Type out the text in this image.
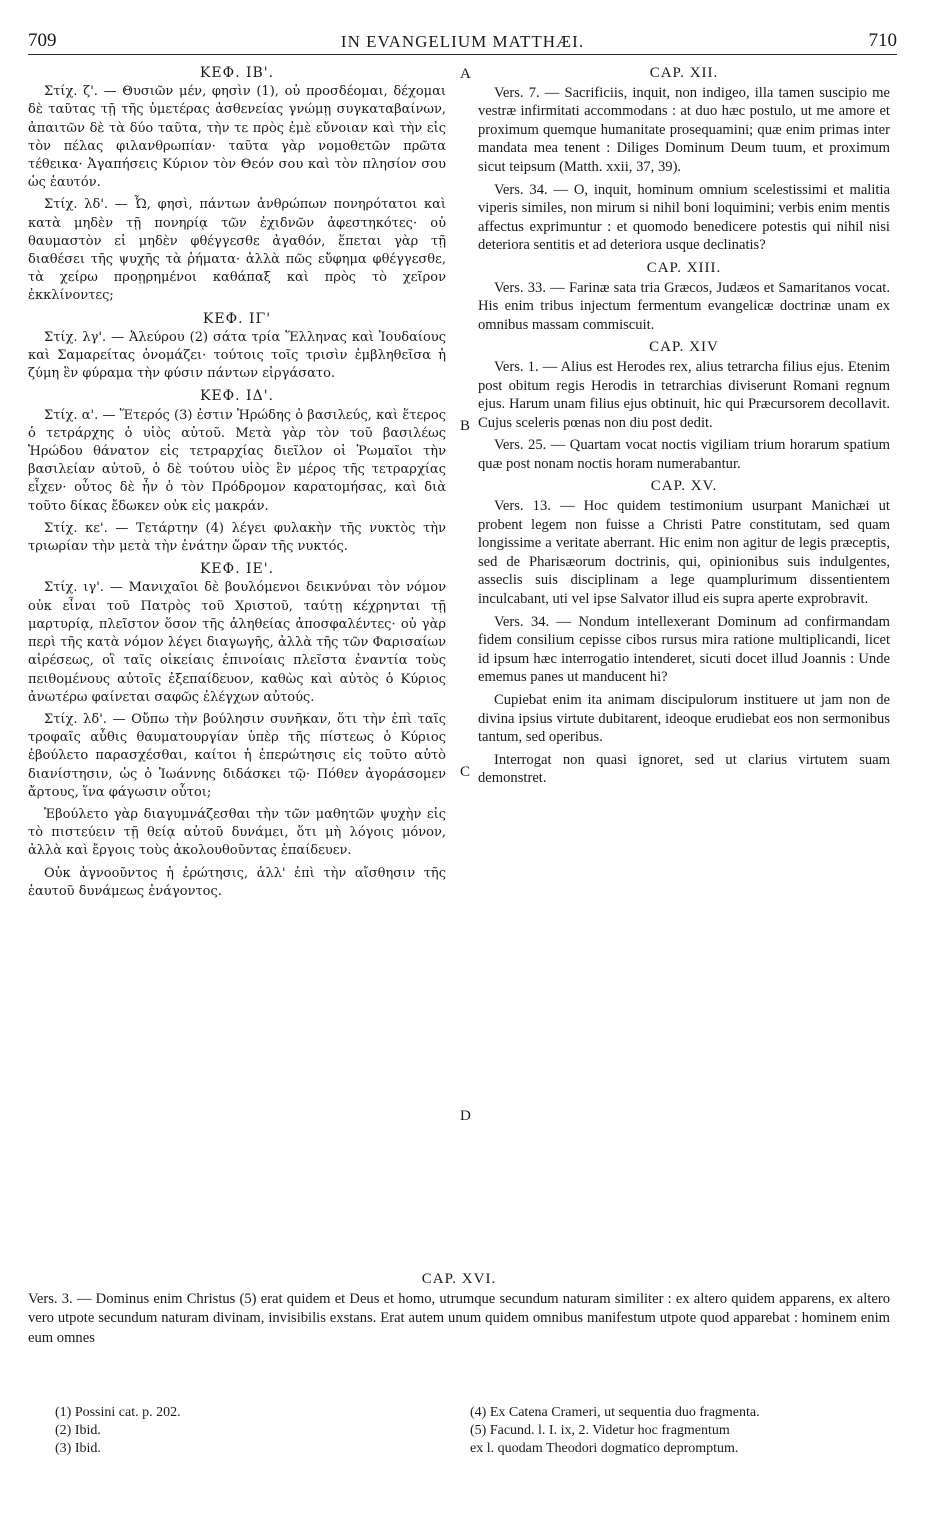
709	IN EVANGELIUM MATTHÆI.	710
A
B
C
D
ΚΕΦ. ΙΒ'.

Στίχ. ζ'. — Θυσιῶν μέν, φησὶν (1), οὐ προσδέομαι, δέχομαι δὲ ταῦτας τῇ τῆς ὑμετέρας ἀσθενείας γνώμῃ συγκαταβαίνων, ἀπαιτῶν δὲ τὰ δύο ταῦτα, τὴν τε πρὸς ἐμὲ εὔνοιαν καὶ τὴν εἰς τὸν πέλας φιλανθρωπίαν· ταῦτα γὰρ νομοθετῶν πρῶτα τέθεικα· Ἀγαπήσεις Κύριον τὸν Θεόν σου καὶ τὸν πλησίον σου ὡς ἑαυτόν.

Στίχ. λδ'. — Ὦ, φησὶ, πάντων ἀνθρώπων πονηρότατοι καὶ κατὰ μηδὲν τῇ πονηρίᾳ τῶν ἐχιδνῶν ἀφεστηκότες· οὐ θαυμαστὸν εἰ μηδὲν φθέγγεσθε ἀγαθόν, ἕπεται γὰρ τῇ διαθέσει τῆς ψυχῆς τὰ ῥήματα· ἀλλὰ πῶς εὔφημα φθέγγεσθε, τὰ χείρω προῃρημένοι καθάπαξ καὶ πρὸς τὸ χεῖρον ἐκκλίνοντες;

ΚΕΦ. ΙΓ'

Στίχ. λγ'. — Ἀλεύρου (2) σάτα τρία Ἕλληνας καὶ Ἰουδαίους καὶ Σαμαρείτας ὀνομάζει· τούτοις τοῖς τρισὶν ἐμβληθεῖσα ἡ ζύμη ἓν φύραμα τὴν φύσιν πάντων εἰργάσατο.

ΚΕΦ. ΙΔ'.

Στίχ. α'. — Ἕτερός (3) ἐστιν Ἡρώδης ὁ βασιλεύς, καὶ ἕτερος ὁ τετράρχης ὁ υἱὸς αὐτοῦ. Μετὰ γὰρ τὸν τοῦ βασιλέως Ἡρώδου θάνατον εἰς τετραρχίας διεῖλον οἱ Ῥωμαῖοι τὴν βασιλείαν αὐτοῦ, ὁ δὲ τούτου υἱὸς ἓν μέρος τῆς τετραρχίας εἶχεν· οὗτος δὲ ἦν ὁ τὸν Πρόδρομον καρατομήσας, καὶ διὰ τοῦτο δίκας ἔδωκεν οὐκ εἰς μακράν.

Στίχ. κε'. — Τετάρτην (4) λέγει φυλακὴν τῆς νυκτὸς τὴν τριωρίαν τὴν μετὰ τὴν ἐνάτην ὥραν τῆς νυκτός.

ΚΕΦ. ΙΕ'.

Στίχ. ιγ'. — Μανιχαῖοι δὲ βουλόμενοι δεικνύναι τὸν νόμον οὐκ εἶναι τοῦ Πατρὸς τοῦ Χριστοῦ, ταύτῃ κέχρηνται τῇ μαρτυρίᾳ, πλεῖστον ὅσον τῆς ἀληθείας ἀποσφαλέντες· οὐ γὰρ περὶ τῆς κατὰ νόμον λέγει διαγωγῆς, ἀλλὰ τῆς τῶν Φαρισαίων αἱρέσεως, οἳ ταῖς οἰκείαις ἐπινοίαις πλεῖστα ἐναντία τοὺς πειθομένους αὐτοῖς ἐξεπαίδευον, καθὼς καὶ αὐτὸς ὁ Κύριος ἀνωτέρω φαίνεται σαφῶς ἐλέγχων αὐτούς.

Στίχ. λδ'. — Οὔπω τὴν βούλησιν συνῆκαν, ὅτι τὴν ἐπὶ ταῖς τροφαῖς αὖθις θαυματουργίαν ὑπὲρ τῆς πίστεως ὁ Κύριος ἐβούλετο παρασχέσθαι, καίτοι ἡ ἐπερώτησις εἰς τοῦτο αὐτὸ διανίστησιν, ὡς ὁ Ἰωάννης διδάσκει τῷ· Πόθεν ἀγοράσομεν ἄρτους, ἵνα φάγωσιν οὗτοι;

Ἐβούλετο γὰρ διαγυμνάζεσθαι τὴν τῶν μαθητῶν ψυχὴν εἰς τὸ πιστεύειν τῇ θείᾳ αὐτοῦ δυνάμει, ὅτι μὴ λόγοις μόνον, ἀλλὰ καὶ ἔργοις τοὺς ἀκολουθοῦντας ἐπαίδευεν.

Οὐκ ἀγνοοῦντος ἡ ἐρώτησις, ἀλλ' ἐπὶ τὴν αἴσθησιν τῆς ἑαυτοῦ δυνάμεως ἐνάγοντος.

CAP. XII.

Vers. 7. — Sacrificiis, inquit, non indigeo, illa tamen suscipio me vestræ infirmitati accommodans : at duo hæc postulo, ut me amore et proximum quemque humanitate prosequamini; quæ enim primas inter mandata mea tenent : Diliges Dominum Deum tuum, et proximum sicut teipsum (Matth. xxii, 37, 39).

Vers. 34. — O, inquit, hominum omnium scelestissimi et malitia viperis similes, non mirum si nihil boni loquimini; verbis enim mentis affectus exprimuntur : et quomodo benedicere potestis qui nihil nisi deteriora sentitis et ad deteriora usque declinatis?

CAP. XIII.

Vers. 33. — Farinæ sata tria Græcos, Judæos et Samaritanos vocat. His enim tribus injectum fermentum evangelicæ doctrinæ unam ex omnibus massam commiscuit.

CAP. XIV

Vers. 1. — Alius est Herodes rex, alius tetrarcha filius ejus. Etenim post obitum regis Herodis in tetrarchias diviserunt Romani regnum ejus. Harum unam filius ejus obtinuit, hic qui Præcursorem decollavit. Cujus sceleris pœnas non diu post dedit.

Vers. 25. — Quartam vocat noctis vigiliam trium horarum spatium quæ post nonam noctis horam numerabantur.

CAP. XV.

Vers. 13. — Hoc quidem testimonium usurpant Manichæi ut probent legem non fuisse a Christi Patre constitutam, sed quam longissime a veritate aberrant. Hic enim non agitur de legis præceptis, sed de Pharisæorum doctrinis, qui, opinionibus suis indulgentes, asseclis suis disciplinam a lege quamplurimum dissentientem inculcabant, uti vel ipse Salvator illud eis supra aperte exprobravit.

Vers. 34. — Nondum intellexerant Dominum ad confirmandam fidem consilium cepisse cibos rursus mira ratione multiplicandi, licet id ipsum hæc interrogatio intenderet, sicuti docet illud Joannis : Unde ememus panes ut manducent hi?

Cupiebat enim ita animam discipulorum instituere ut jam non de divina ipsius virtute dubitarent, ideoque erudiebat eos non sermonibus tantum, sed operibus.

Interrogat non quasi ignoret, sed ut clarius virtutem suam demonstret.

CAP. XVI.

Vers. 3. — Dominus enim Christus (5) erat quidem et Deus et homo, utrumque secundum naturam similiter : ex altero quidem apparens, ex altero vero utpote secundum naturam divinam, invisibilis exstans. Erat autem unum quidem omnibus manifestum utpote quod apparebat : hominem enim eum omnes

(1) Possini cat. p. 202.
(2) Ibid.
(3) Ibid.
(4) Ex Catena Crameri, ut sequentia duo fragmenta.
(5) Facund. l. I. ix, 2. Videtur hoc fragmentum
ex l. quodam Theodori dogmatico depromptum.
